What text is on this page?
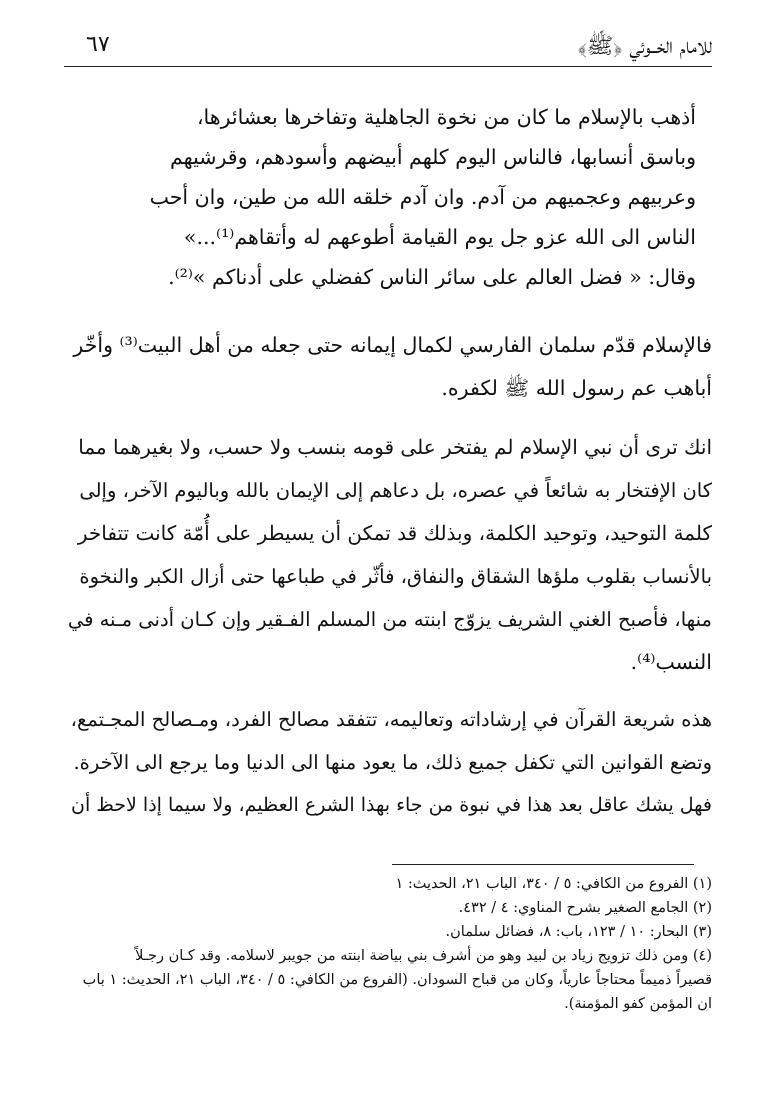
للامام الخــوئي ﴿ﷺ﴾
٦٧
أذهب بالإسلام ما كان من نخوة الجاهلية وتفاخرها بعشائرها،
وباسق أنسابها، فالناس اليوم كلهم أبيضهم وأسودهم، وقرشيهم
وعربيهم وعجميهم من آدم. وان آدم خلقه الله من طين، وان أحب
الناس الى الله عزو جل يوم القيامة أطوعهم له وأتقاهم⁽¹⁾...»
وقال: « فضل العالم على سائر الناس كفضلي على أدناكم »⁽²⁾.
فالإسلام قدّم سلمان الفارسي لكمال إيمانه حتى جعله من أهل البيت⁽³⁾ وأخّر
أباهب عم رسول الله ﷺ لكفره.
انك ترى أن نبي الإسلام لم يفتخر على قومه بنسب ولا حسب، ولا بغيرهما مما
كان الإفتخار به شائعاً في عصره، بل دعاهم إلى الإيمان بالله وباليوم الآخر، وإلى
كلمة التوحيد، وتوحيد الكلمة، وبذلك قد تمكن أن يسيطر على أُمّة كانت تتفاخر
بالأنساب بقلوب ملؤها الشقاق والنفاق، فأثّر في طباعها حتى أزال الكبر والنخوة
منها، فأصبح الغني الشريف يزوّج ابنته من المسلم الفـقير وإن كـان أدنى مـنه في
النسب⁽⁴⁾.
هذه شريعة القرآن في إرشاداته وتعاليمه، تتفقد مصالح الفرد، ومـصالح المجـتمع،
وتضع القوانين التي تكفل جميع ذلك، ما يعود منها الى الدنيا وما يرجع الى الآخرة.
فهل يشك عاقل بعد هذا في نبوة من جاء بهذا الشرع العظيم، ولا سيما إذا لاحظ أن
(١) الفروع من الكافي: ٥ / ٣٤٠، الباب ٢١، الحديث: ١
(٢) الجامع الصغير بشرح المناوي: ٤ / ٤٣٢.
(٣) البحار: ١٠ / ١٢٣، باب: ٨، فضائل سلمان.
(٤) ومن ذلك تزويج زياد بن لبيد وهو من أشرف بني بياضة ابنته من جويبر لاسلامه. وقد كـان رجـلاً
قصيراً ذميماً محتاجاً عارياً، وكان من قباح السودان. (الفروع من الكافي: ٥ / ٣٤٠، الباب ٢١، الحديث: ١ باب
ان المؤمن كفو المؤمنة).
